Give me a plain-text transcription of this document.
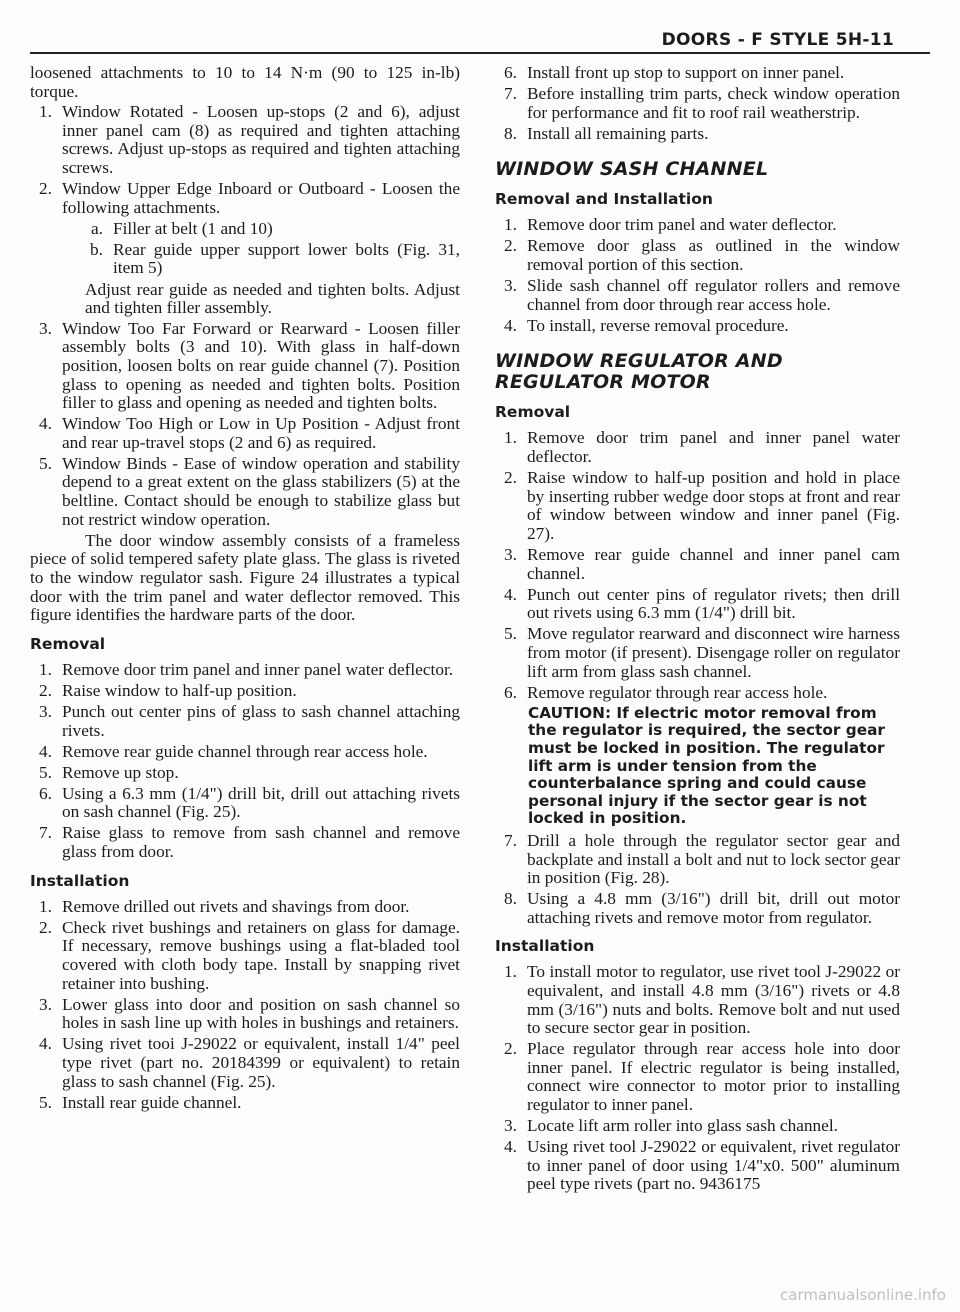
DOORS - F STYLE 5H-11

loosened attachments to 10 to 14 N·m (90 to 125 in-lb) torque.

1. Window Rotated - Loosen up-stops (2 and 6), adjust inner panel cam (8) as required and tighten attaching screws. Adjust up-stops as required and tighten attaching screws.
2. Window Upper Edge Inboard or Outboard - Loosen the following attachments.
a. Filler at belt (1 and 10)
b. Rear guide upper support lower bolts (Fig. 31, item 5)

Adjust rear guide as needed and tighten bolts. Adjust and tighten filler assembly.

3. Window Too Far Forward or Rearward - Loosen filler assembly bolts (3 and 10). With glass in half-down position, loosen bolts on rear guide channel (7). Position glass to opening as needed and tighten bolts. Position filler to glass and opening as needed and tighten bolts.
4. Window Too High or Low in Up Position - Adjust front and rear up-travel stops (2 and 6) as required.
5. Window Binds - Ease of window operation and stability depend to a great extent on the glass stabilizers (5) at the beltline. Contact should be enough to stabilize glass but not restrict window operation.

The door window assembly consists of a frameless piece of solid tempered safety plate glass. The glass is riveted to the window regulator sash. Figure 24 illustrates a typical door with the trim panel and water deflector removed. This figure identifies the hardware parts of the door.

Removal
1. Remove door trim panel and inner panel water deflector.
2. Raise window to half-up position.
3. Punch out center pins of glass to sash channel attaching rivets.
4. Remove rear guide channel through rear access hole.
5. Remove up stop.
6. Using a 6.3 mm (1/4") drill bit, drill out attaching rivets on sash channel (Fig. 25).
7. Raise glass to remove from sash channel and remove glass from door.
Installation
1. Remove drilled out rivets and shavings from door.
2. Check rivet bushings and retainers on glass for damage. If necessary, remove bushings using a flat-bladed tool covered with cloth body tape. Install by snapping rivet retainer into bushing.
3. Lower glass into door and position on sash channel so holes in sash line up with holes in bushings and retainers.
4. Using rivet tooi J-29022 or equivalent, install 1/4" peel type rivet (part no. 20184399 or equivalent) to retain glass to sash channel (Fig. 25).
5. Install rear guide channel.
6. Install front up stop to support on inner panel.
7. Before installing trim parts, check window operation for performance and fit to roof rail weatherstrip.
8. Install all remaining parts.
WINDOW SASH CHANNEL
Removal and Installation
1. Remove door trim panel and water deflector.
2. Remove door glass as outlined in the window removal portion of this section.
3. Slide sash channel off regulator rollers and remove channel from door through rear access hole.
4. To install, reverse removal procedure.
WINDOW REGULATOR AND REGULATOR MOTOR
Removal
1. Remove door trim panel and inner panel water deflector.
2. Raise window to half-up position and hold in place by inserting rubber wedge door stops at front and rear of window between window and inner panel (Fig. 27).
3. Remove rear guide channel and inner panel cam channel.
4. Punch out center pins of regulator rivets; then drill out rivets using 6.3 mm (1/4") drill bit.
5. Move regulator rearward and disconnect wire harness from motor (if present). Disengage roller on regulator lift arm from glass sash channel.
6. Remove regulator through rear access hole.
CAUTION: If electric motor removal from the regulator is required, the sector gear must be locked in position. The regulator lift arm is under tension from the counterbalance spring and could cause personal injury if the sector gear is not locked in position.
7. Drill a hole through the regulator sector gear and backplate and install a bolt and nut to lock sector gear in position (Fig. 28).
8. Using a 4.8 mm (3/16") drill bit, drill out motor attaching rivets and remove motor from regulator.
Installation
1. To install motor to regulator, use rivet tool J-29022 or equivalent, and install 4.8 mm (3/16") rivets or 4.8 mm (3/16") nuts and bolts. Remove bolt and nut used to secure sector gear in position.
2. Place regulator through rear access hole into door inner panel. If electric regulator is being installed, connect wire connector to motor prior to installing regulator to inner panel.
3. Locate lift arm roller into glass sash channel.
4. Using rivet tool J-29022 or equivalent, rivet regulator to inner panel of door using 1/4"x0. 500" aluminum peel type rivets (part no. 9436175
carmanualsonline.info
